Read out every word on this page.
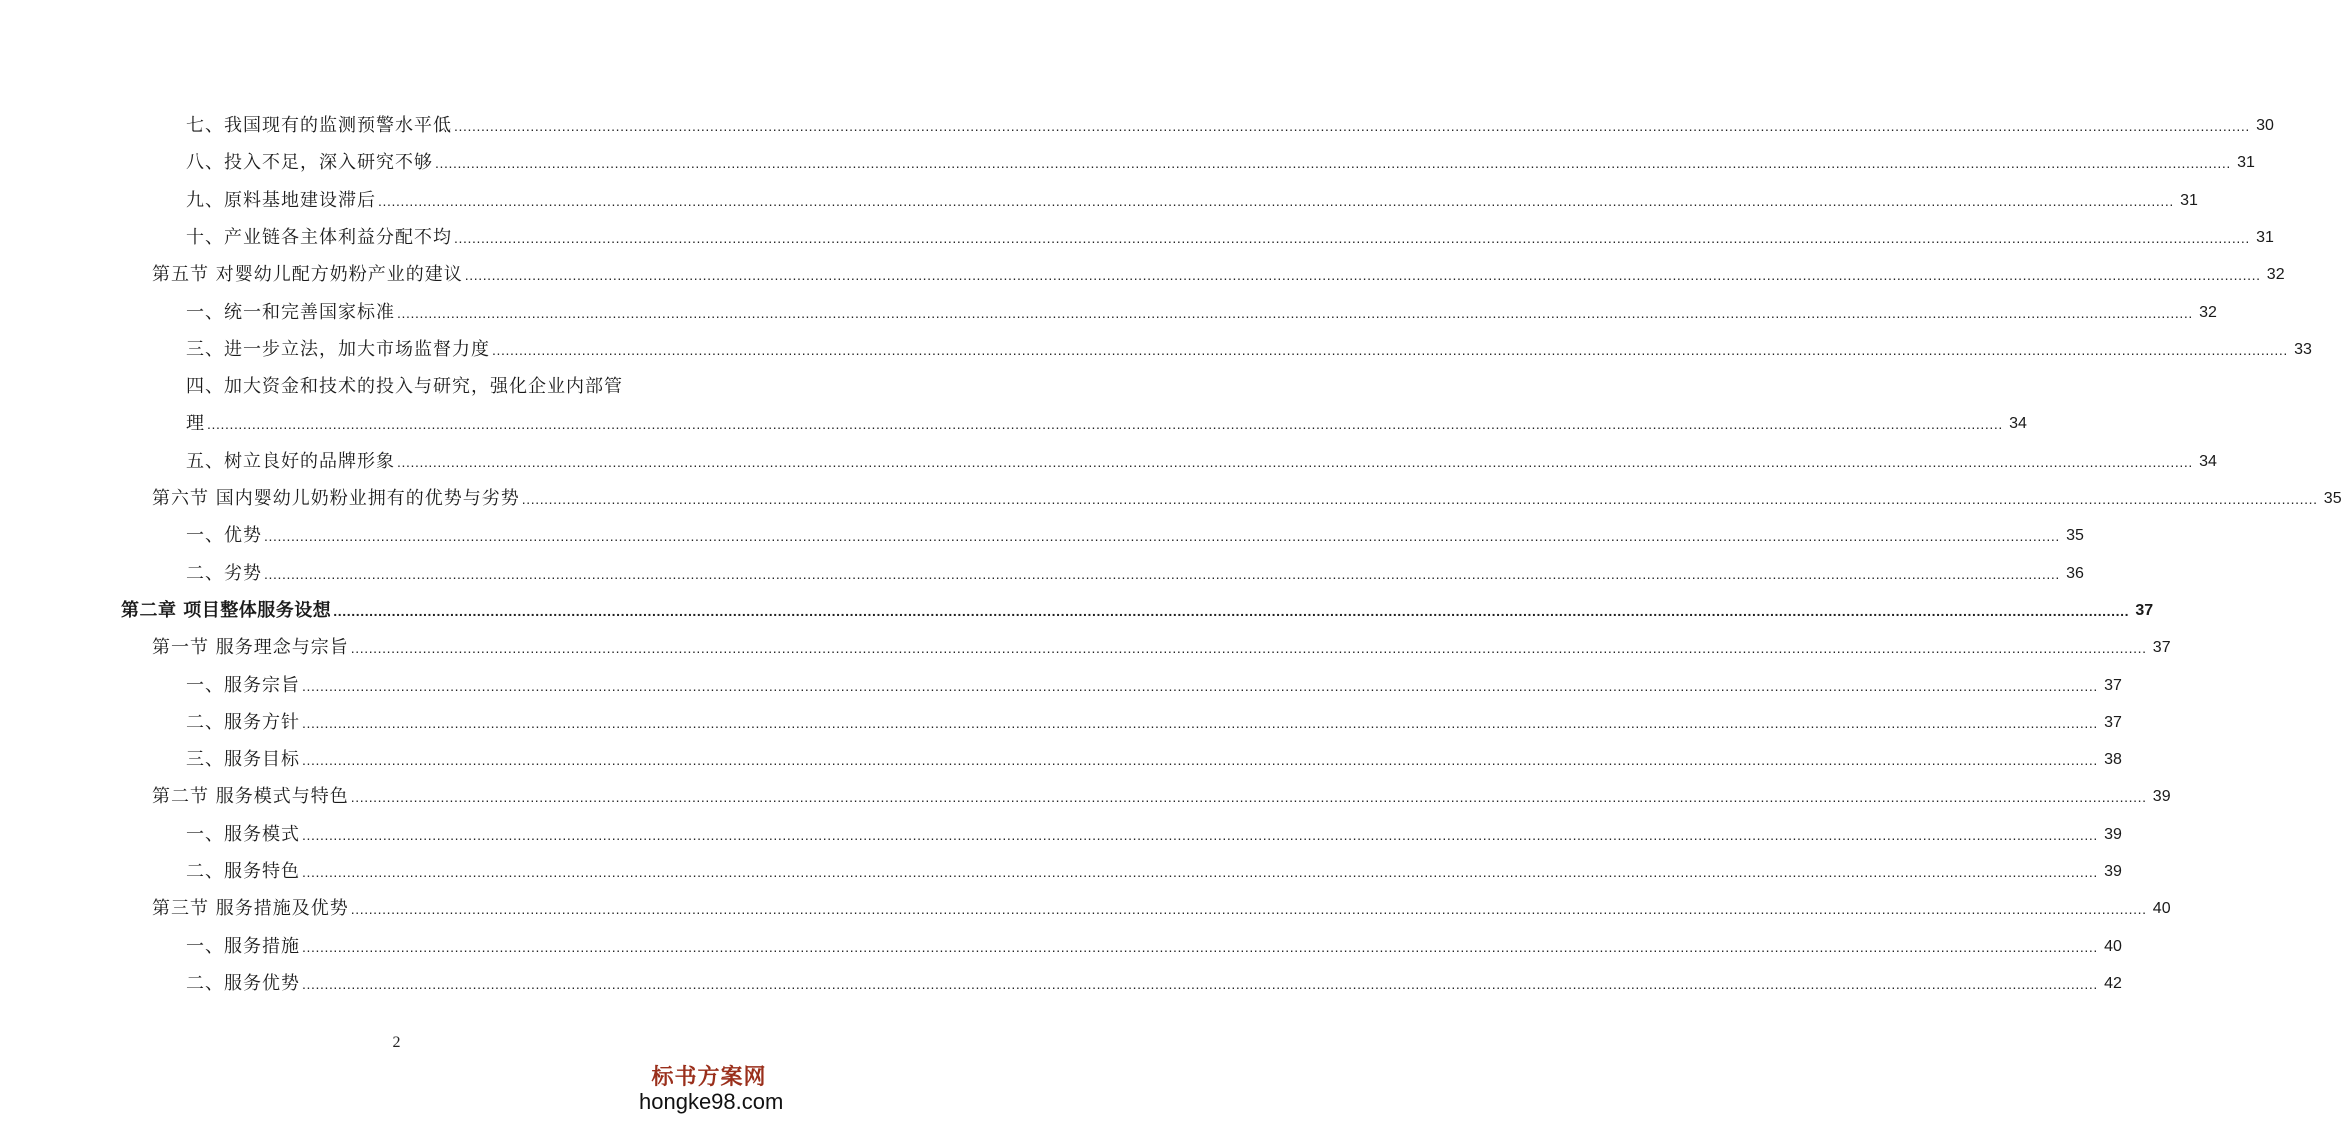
七、我国现有的监测预警水平低 ................................................................................................................................................................................................................................................................................................................................................................................................................ 30
八、投入不足，深入研究不够 ................................................................................................................................................................................................................................................................................................................................................................................................................ 31
九、原料基地建设滞后 ................................................................................................................................................................................................................................................................................................................................................................................................................ 31
十、产业链各主体利益分配不均 ................................................................................................................................................................................................................................................................................................................................................................................................................ 31
第五节 对婴幼儿配方奶粉产业的建议 ................................................................................................................................................................................................................................................................................................................................................................................................................ 32
一、统一和完善国家标准 ................................................................................................................................................................................................................................................................................................................................................................................................................ 32
三、进一步立法，加大市场监督力度 ................................................................................................................................................................................................................................................................................................................................................................................................................ 33
四、加大资金和技术的投入与研究，强化企业内部管
理 ................................................................................................................................................................................................................................................................................................................................................................................................................ 34
五、树立良好的品牌形象 ................................................................................................................................................................................................................................................................................................................................................................................................................ 34
第六节 国内婴幼儿奶粉业拥有的优势与劣势 ................................................................................................................................................................................................................................................................................................................................................................................................................ 35
一、优势 ................................................................................................................................................................................................................................................................................................................................................................................................................ 35
二、劣势 ................................................................................................................................................................................................................................................................................................................................................................................................................ 36
第二章 项目整体服务设想 ................................................................................................................................................................................................................................................................................................................................................................................................................ 37
第一节 服务理念与宗旨 ................................................................................................................................................................................................................................................................................................................................................................................................................ 37
一、服务宗旨 ................................................................................................................................................................................................................................................................................................................................................................................................................ 37
二、服务方针 ................................................................................................................................................................................................................................................................................................................................................................................................................ 37
三、服务目标 ................................................................................................................................................................................................................................................................................................................................................................................................................ 38
第二节 服务模式与特色 ................................................................................................................................................................................................................................................................................................................................................................................................................ 39
一、服务模式 ................................................................................................................................................................................................................................................................................................................................................................................................................ 39
二、服务特色 ................................................................................................................................................................................................................................................................................................................................................................................................................ 39
第三节 服务措施及优势 ................................................................................................................................................................................................................................................................................................................................................................................................................ 40
一、服务措施 ................................................................................................................................................................................................................................................................................................................................................................................................................ 40
二、服务优势 ................................................................................................................................................................................................................................................................................................................................................................................................................ 42
2
标书方案网
hongke98.com
